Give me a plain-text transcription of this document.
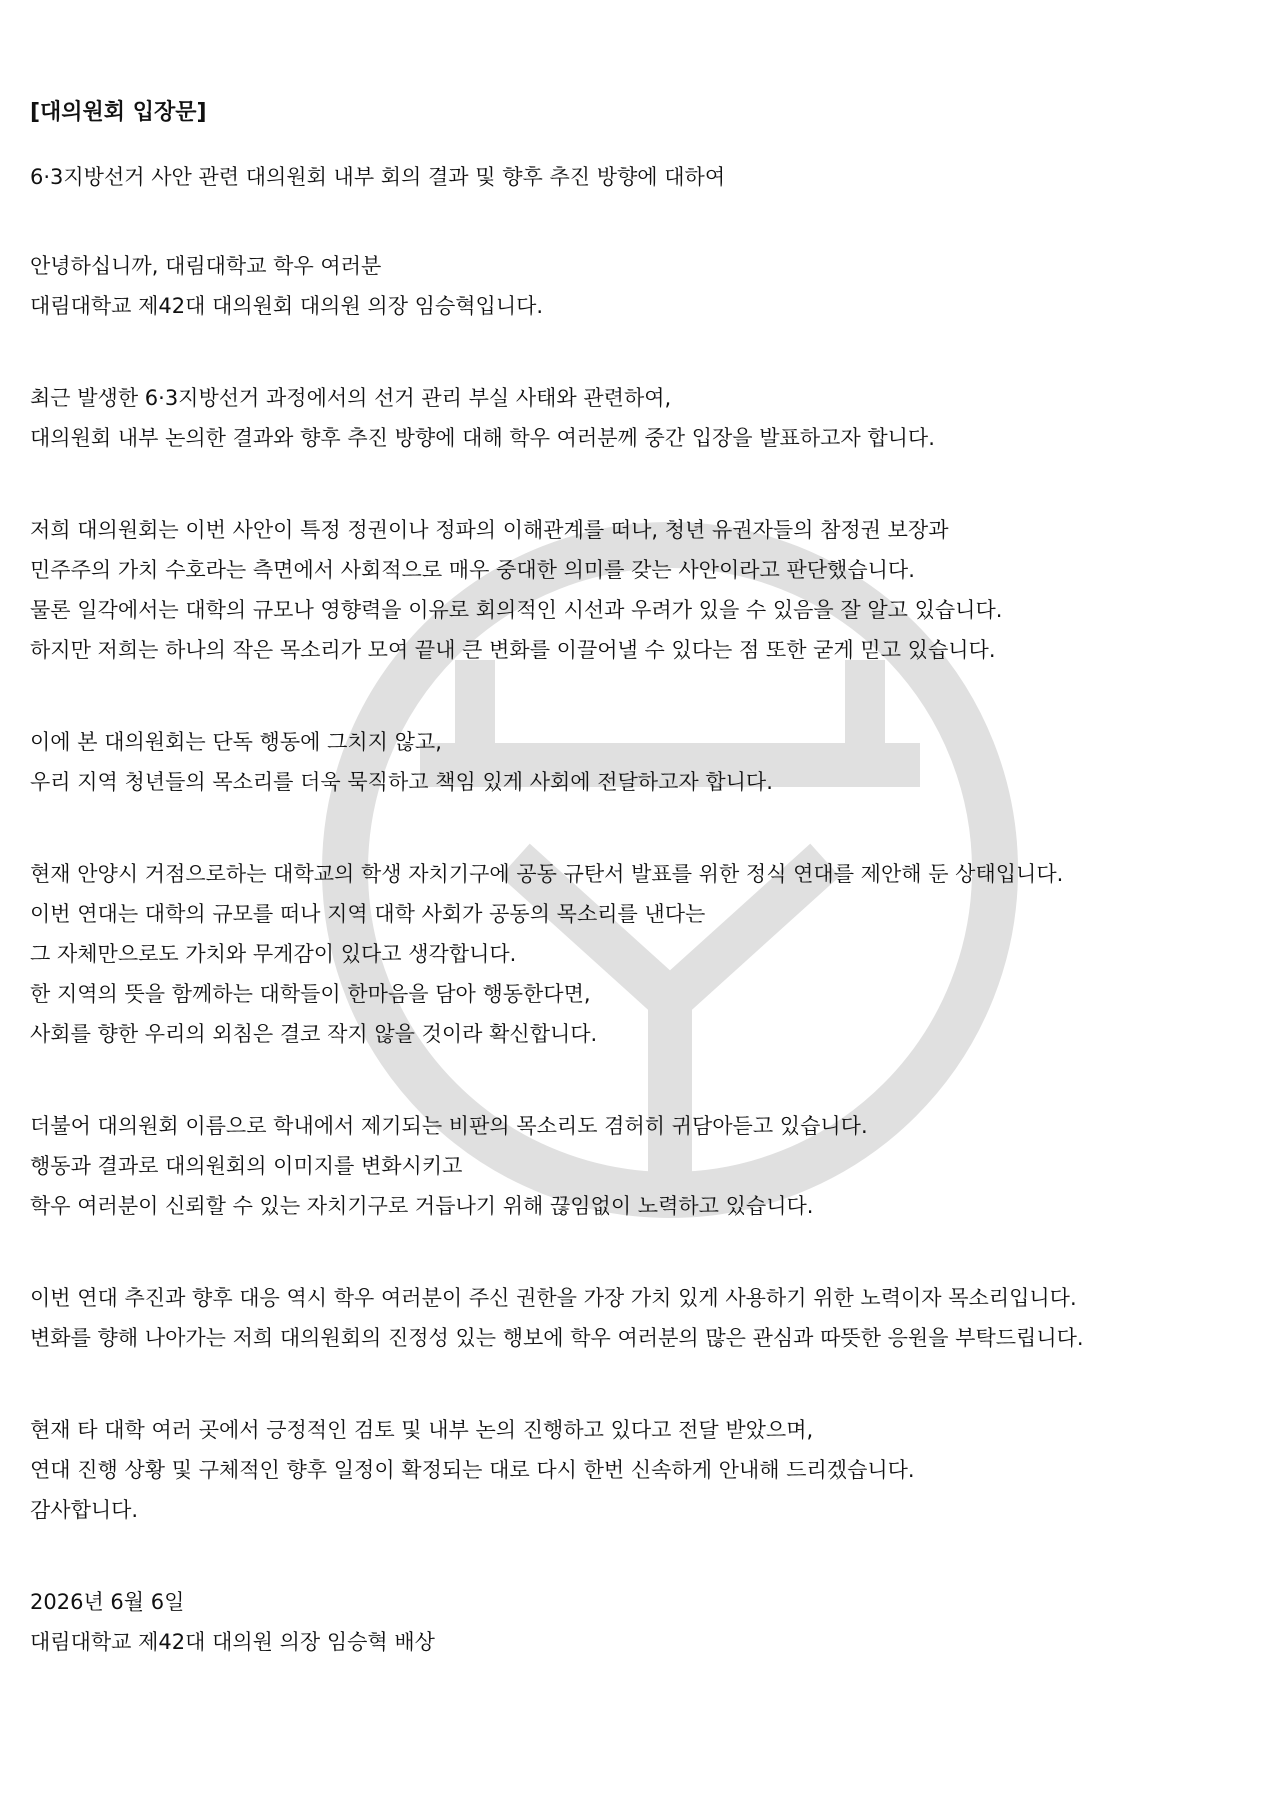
[대의원회 입장문]
6·3지방선거 사안 관련 대의원회 내부 회의 결과 및 향후 추진 방향에 대하여
안녕하십니까, 대림대학교 학우 여러분
대림대학교 제42대 대의원회 대의원 의장 임승혁입니다.
최근 발생한 6·3지방선거 과정에서의 선거 관리 부실 사태와 관련하여,
대의원회 내부 논의한 결과와 향후 추진 방향에 대해 학우 여러분께 중간 입장을 발표하고자 합니다.
저희 대의원회는 이번 사안이 특정 정권이나 정파의 이해관계를 떠나, 청년 유권자들의 참정권 보장과
민주주의 가치 수호라는 측면에서 사회적으로 매우 중대한 의미를 갖는 사안이라고 판단했습니다.
물론 일각에서는 대학의 규모나 영향력을 이유로 회의적인 시선과 우려가 있을 수 있음을 잘 알고 있습니다.
하지만 저희는 하나의 작은 목소리가 모여 끝내 큰 변화를 이끌어낼 수 있다는 점 또한 굳게 믿고 있습니다.
이에 본 대의원회는 단독 행동에 그치지 않고,
우리 지역 청년들의 목소리를 더욱 묵직하고 책임 있게 사회에 전달하고자 합니다.
현재 안양시 거점으로하는 대학교의 학생 자치기구에 공동 규탄서 발표를 위한 정식 연대를 제안해 둔 상태입니다.
이번 연대는 대학의 규모를 떠나 지역 대학 사회가 공동의 목소리를 낸다는
그 자체만으로도 가치와 무게감이 있다고 생각합니다.
한 지역의 뜻을 함께하는 대학들이 한마음을 담아 행동한다면,
사회를 향한 우리의 외침은 결코 작지 않을 것이라 확신합니다.
더불어 대의원회 이름으로 학내에서 제기되는 비판의 목소리도 겸허히 귀담아듣고 있습니다.
행동과 결과로 대의원회의 이미지를 변화시키고
학우 여러분이 신뢰할 수 있는 자치기구로 거듭나기 위해 끊임없이 노력하고 있습니다.
이번 연대 추진과 향후 대응 역시 학우 여러분이 주신 권한을 가장 가치 있게 사용하기 위한 노력이자 목소리입니다.
변화를 향해 나아가는 저희 대의원회의 진정성 있는 행보에 학우 여러분의 많은 관심과 따뜻한 응원을 부탁드립니다.
현재 타 대학 여러 곳에서 긍정적인 검토 및 내부 논의 진행하고 있다고 전달 받았으며,
연대 진행 상황 및 구체적인 향후 일정이 확정되는 대로 다시 한번 신속하게 안내해 드리겠습니다.
감사합니다.
2026년 6월 6일
대림대학교 제42대 대의원 의장 임승혁 배상
